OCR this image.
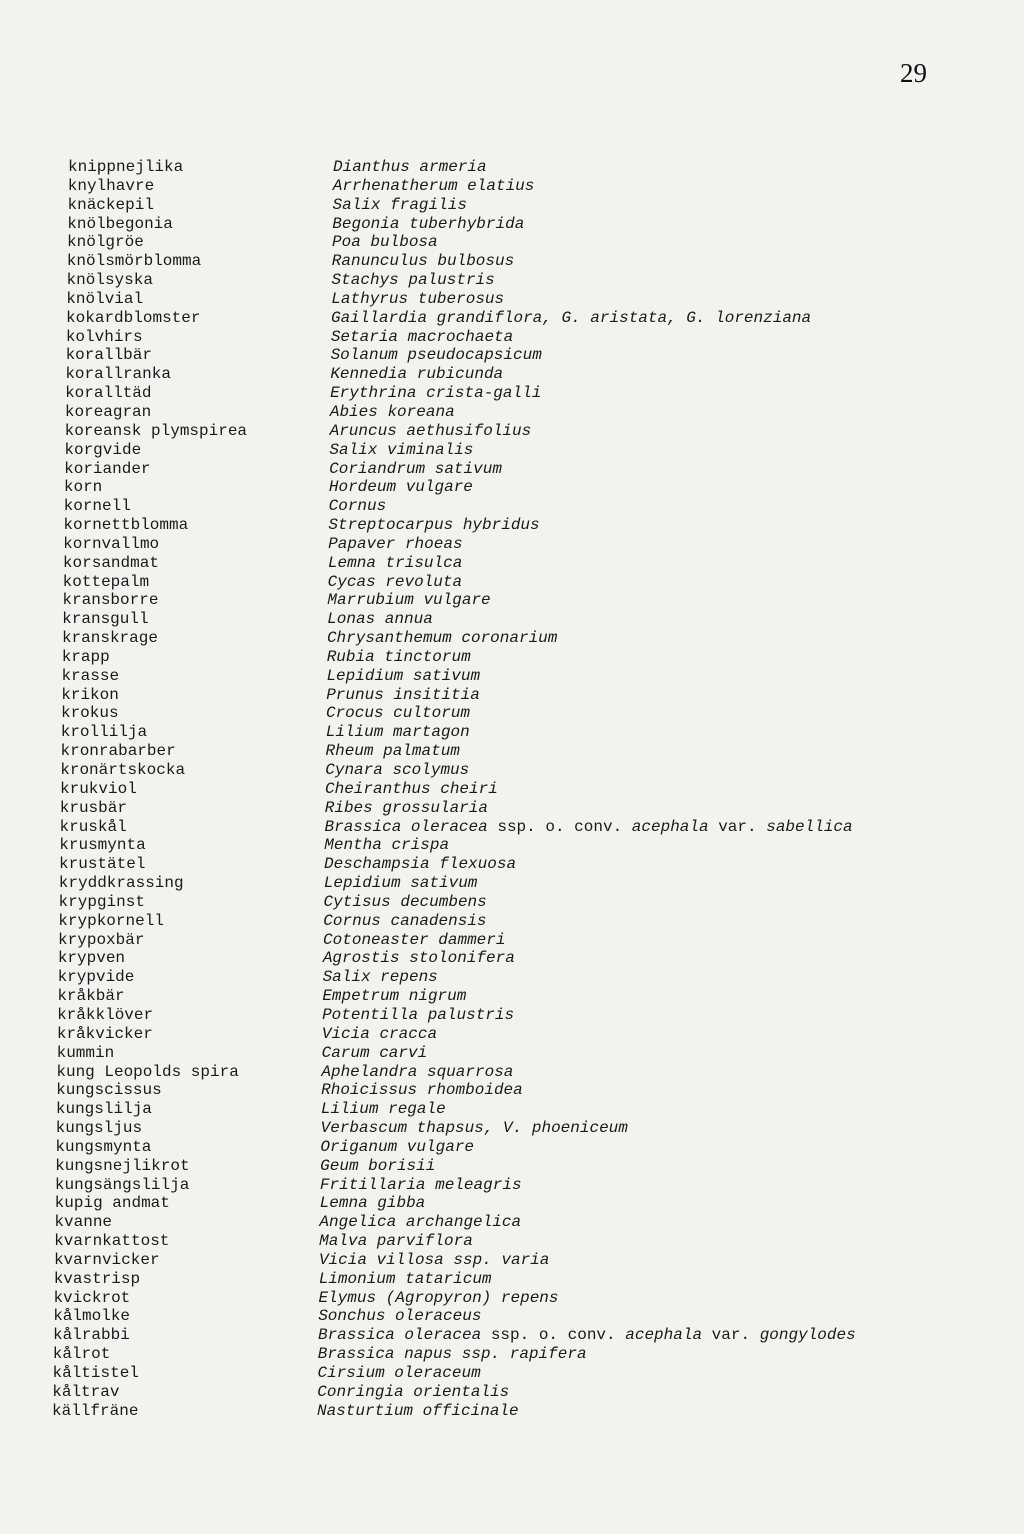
29
knippnejlika	Dianthus armeria
knylhavre	Arrhenatherum elatius
knäckepil	Salix fragilis
knölbegonia	Begonia tuberhybrida
knölgröe	Poa bulbosa
knölsmörblomma	Ranunculus bulbosus
knölsyska	Stachys palustris
knölvial	Lathyrus tuberosus
kokardblomster	Gaillardia grandiflora, G. aristata, G. lorenziana
kolvhirs	Setaria macrochaeta
korallbär	Solanum pseudocapsicum
korallranka	Kennedia rubicunda
koralltäd	Erythrina crista-galli
koreagran	Abies koreana
koreansk plymspirea	Aruncus aethusifolius
korgvide	Salix viminalis
koriander	Coriandrum sativum
korn	Hordeum vulgare
kornell	Cornus
kornettblomma	Streptocarpus hybridus
kornvallmo	Papaver rhoeas
korsandmat	Lemna trisulca
kottepalm	Cycas revoluta
kransborre	Marrubium vulgare
kransgull	Lonas annua
kranskrage	Chrysanthemum coronarium
krapp	Rubia tinctorum
krasse	Lepidium sativum
krikon	Prunus insititia
krokus	Crocus cultorum
krollilja	Lilium martagon
kronrabarber	Rheum palmatum
kronärtskocka	Cynara scolymus
krukviol	Cheiranthus cheiri
krusbär	Ribes grossularia
kruskål	Brassica oleracea ssp. o. conv. acephala var. sabellica
krusmynta	Mentha crispa
krustätel	Deschampsia flexuosa
kryddkrassing	Lepidium sativum
krypginst	Cytisus decumbens
krypkornell	Cornus canadensis
krypoxbär	Cotoneaster dammeri
krypven	Agrostis stolonifera
krypvide	Salix repens
kråkbär	Empetrum nigrum
kråkklöver	Potentilla palustris
kråkvicker	Vicia cracca
kummin	Carum carvi
kung Leopolds spira	Aphelandra squarrosa
kungscissus	Rhoicissus rhomboidea
kungslilja	Lilium regale
kungsljus	Verbascum thapsus, V. phoeniceum
kungsmynta	Origanum vulgare
kungsnejlikrot	Geum borisii
kungsängslilja	Fritillaria meleagris
kupig andmat	Lemna gibba
kvanne	Angelica archangelica
kvarnkattost	Malva parviflora
kvarnvicker	Vicia villosa ssp. varia
kvastrisp	Limonium tataricum
kvickrot	Elymus (Agropyron) repens
kålmolke	Sonchus oleraceus
kålrabbi	Brassica oleracea ssp. o. conv. acephala var. gongylodes
kålrot	Brassica napus ssp. rapifera
kåltistel	Cirsium oleraceum
kåltrav	Conringia orientalis
källfräne	Nasturtium officinale
